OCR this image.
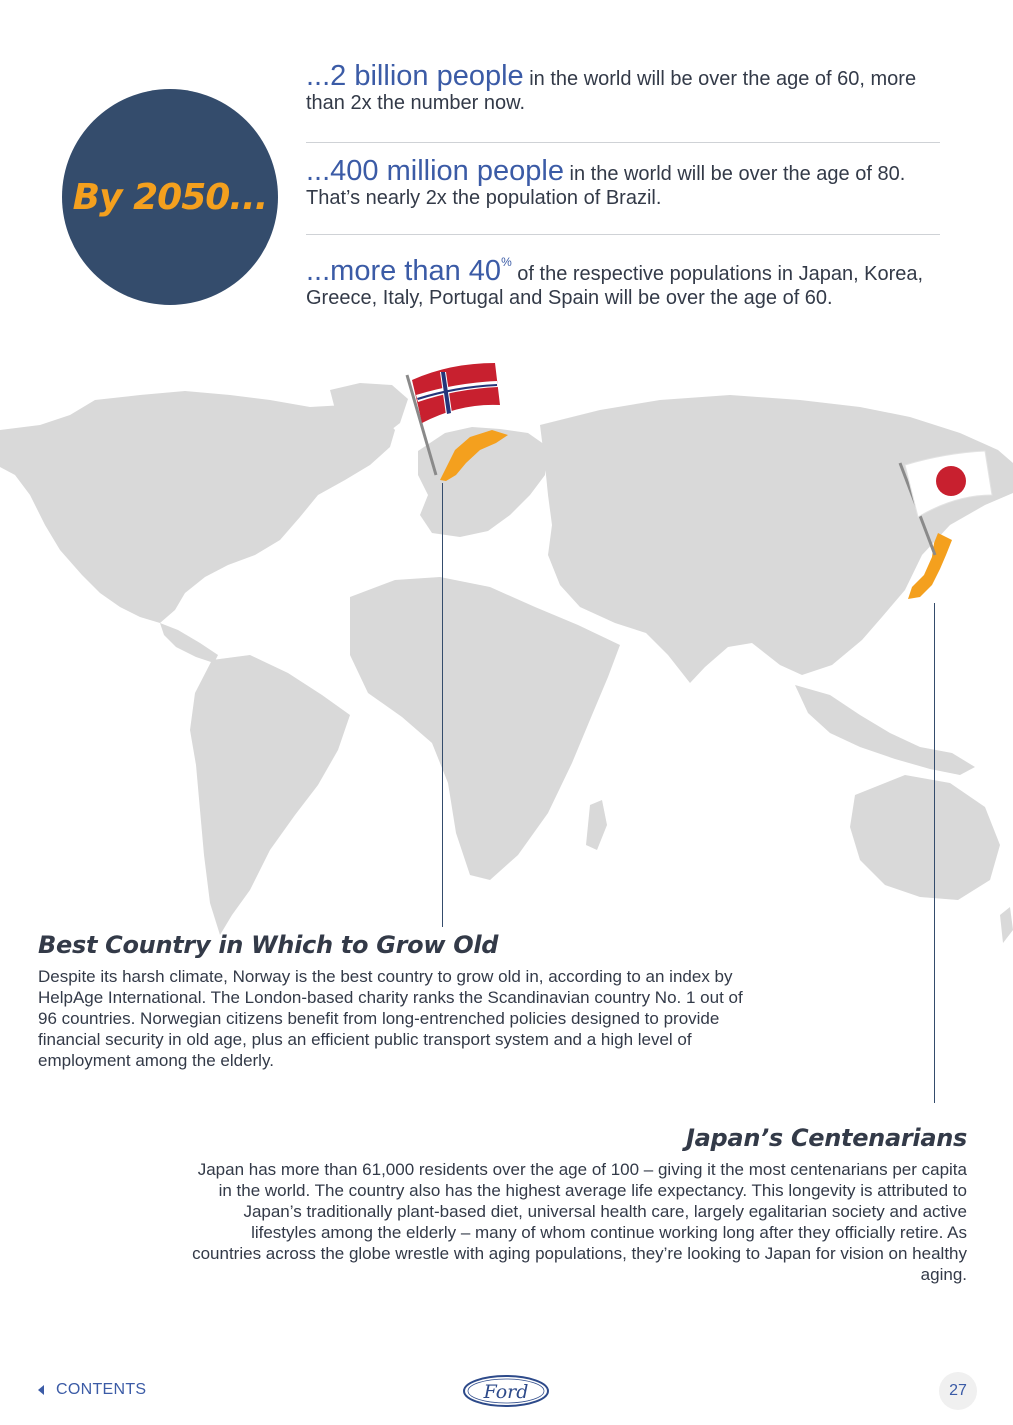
By 2050...
...2 billion people in the world will be over the age of 60, more than 2x the number now.
...400 million people in the world will be over the age of 80. That’s nearly 2x the population of Brazil.
...more than 40% of the respective populations in Japan, Korea, Greece, Italy, Portugal and Spain will be over the age of 60.
Best Country in Which to Grow Old
Despite its harsh climate, Norway is the best country to grow old in, according to an index by HelpAge International. The London-based charity ranks the Scandinavian country No. 1 out of 96 countries. Norwegian citizens benefit from long-entrenched policies designed to provide financial security in old age, plus an efficient public transport system and a high level of employment among the elderly.
Japan’s Centenarians
Japan has more than 61,000 residents over the age of 100 – giving it the most centenarians per capita in the world. The country also has the highest average life expectancy. This longevity is attributed to Japan’s traditionally plant-based diet, universal health care, largely egalitarian society and active lifestyles among the elderly – many of whom continue working long after they officially retire. As countries across the globe wrestle with aging populations, they’re looking to Japan for vision on healthy aging.
CONTENTS	Ford	27
